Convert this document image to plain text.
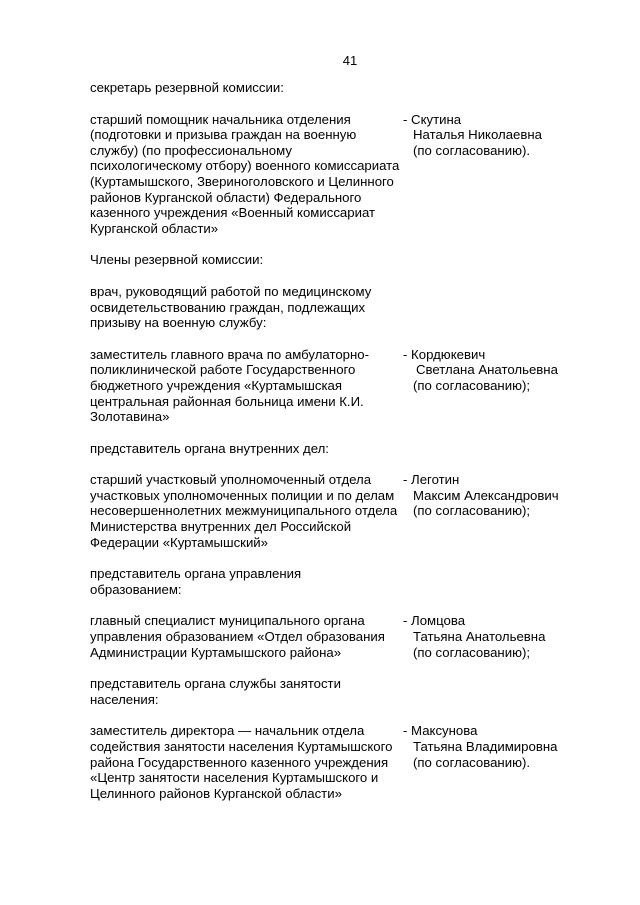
41
секретарь резервной комиссии:
старший помощник начальника отделения (подготовки и призыва граждан на военную службу) (по профессиональному психологическому отбору) военного комиссариата (Куртамышского, Звериноголовского и Целинного районов Курганской области) Федерального казенного учреждения «Военный комиссариат Курганской области»
- Скутина
Наталья Николаевна
(по согласованию).
Члены резервной комиссии:
врач, руководящий работой по медицинскому освидетельствованию граждан, подлежащих призыву на военную службу:
заместитель главного врача по амбулаторно-поликлинической работе Государственного бюджетного учреждения «Куртамышская центральная районная больница имени К.И. Золотавина»
- Кордюкевич
Светлана Анатольевна
(по согласованию);
представитель органа внутренних дел:
старший участковый уполномоченный отдела участковых уполномоченных полиции и по делам несовершеннолетних межмуниципального отдела Министерства внутренних дел Российской Федерации «Куртамышский»
- Леготин
Максим Александрович
(по согласованию);
представитель органа управления образованием:
главный специалист муниципального органа управления образованием «Отдел образования Администрации Куртамышского района»
- Ломцова
Татьяна Анатольевна
(по согласованию);
представитель органа службы занятости населения:
заместитель директора — начальник отдела содействия занятости населения Куртамышского района Государственного казенного учреждения «Центр занятости населения Куртамышского и Целинного районов Курганской области»
- Максунова
Татьяна Владимировна
(по согласованию).
